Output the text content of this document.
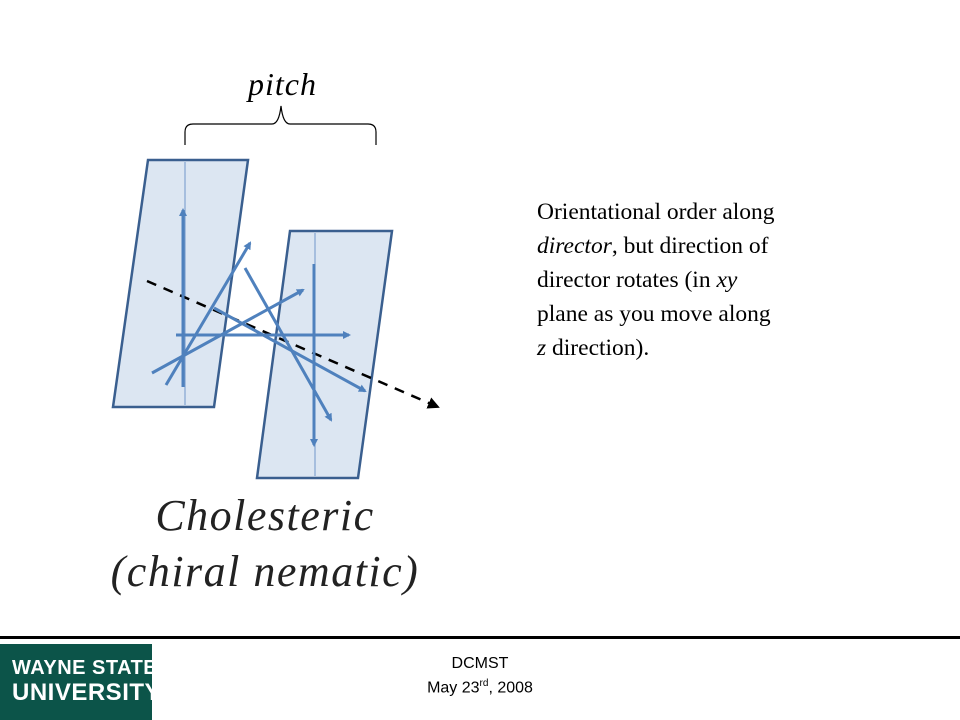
pitch
Orientational order along
director, but direction of
director rotates (in xy
plane as you move along
z direction).
Cholesteric
(chiral nematic)
WAYNE STATE
UNIVERSITY
DCMST
May 23rd, 2008
